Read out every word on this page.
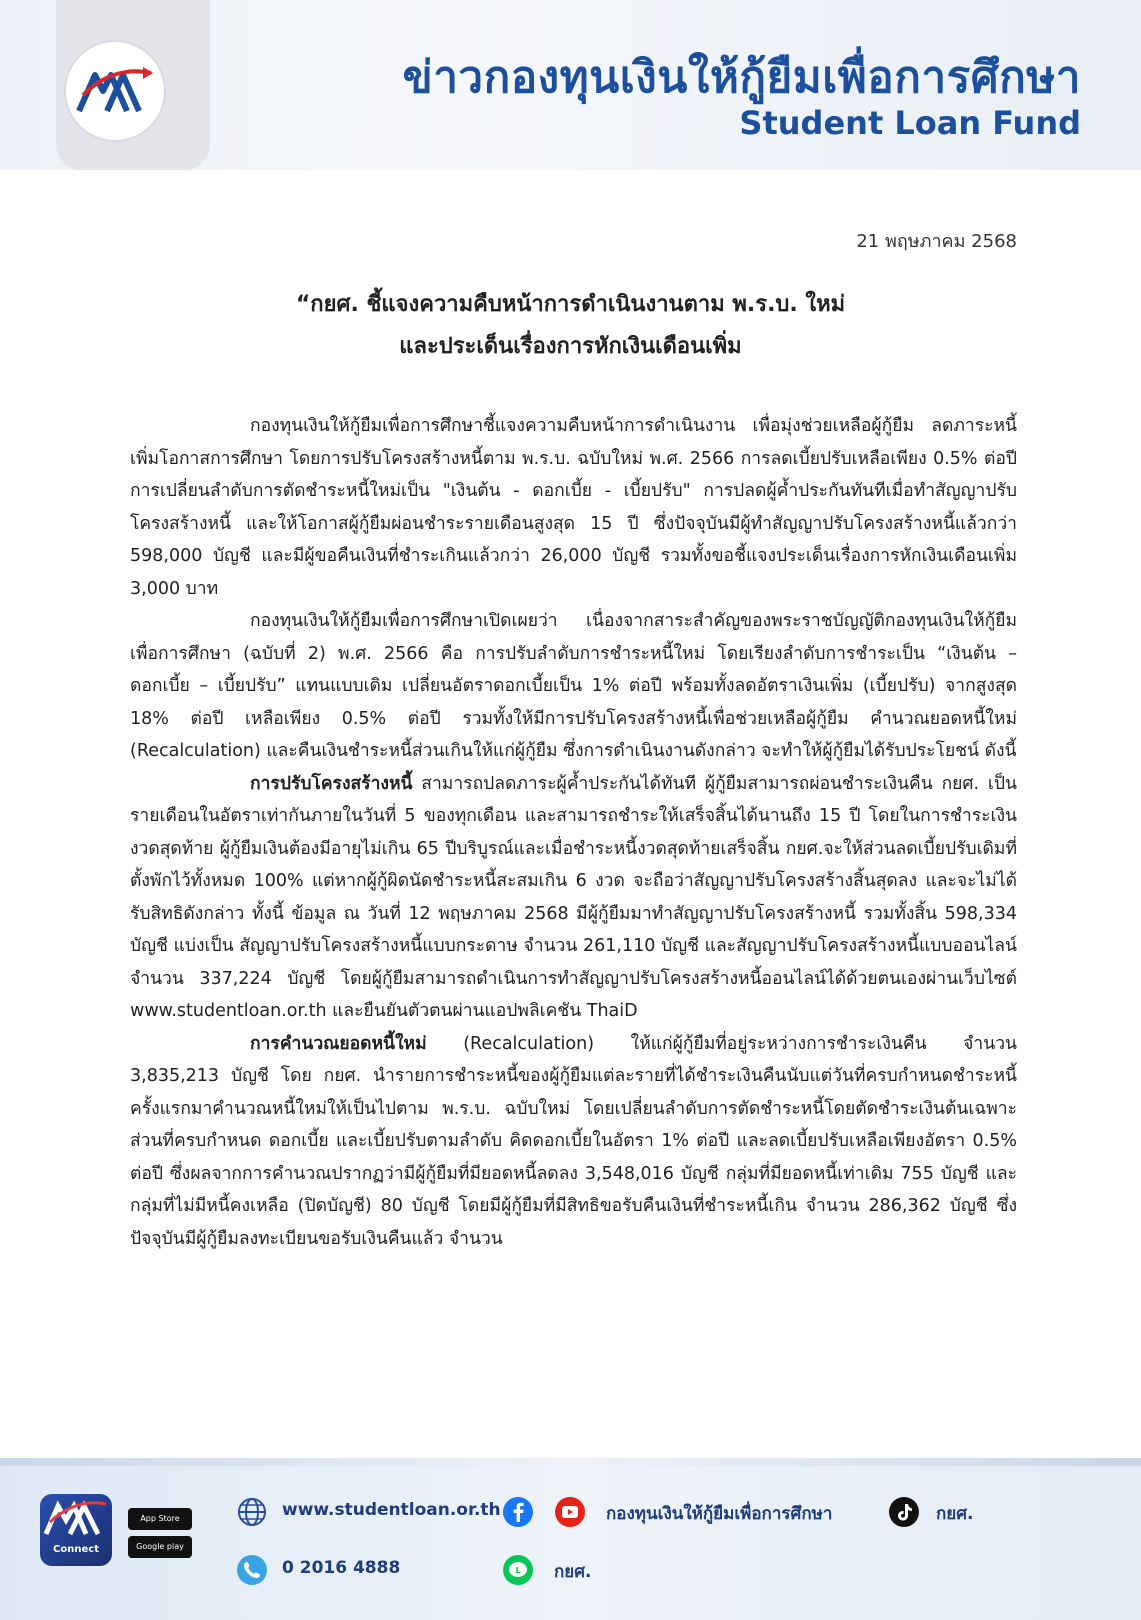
ข่าวกองทุนเงินให้กู้ยืมเพื่อการศึกษา
Student Loan Fund
21 พฤษภาคม 2568
“กยศ. ชี้แจงความคืบหน้าการดำเนินงานตาม พ.ร.บ. ใหม่
และประเด็นเรื่องการหักเงินเดือนเพิ่ม

กองทุนเงินให้กู้ยืมเพื่อการศึกษาชี้แจงความคืบหน้าการดำเนินงาน เพื่อมุ่งช่วยเหลือผู้กู้ยืม ลดภาระหนี้ เพิ่มโอกาสการศึกษา โดยการปรับโครงสร้างหนี้ตาม พ.ร.บ. ฉบับใหม่ พ.ศ. 2566 การลดเบี้ยปรับเหลือเพียง 0.5% ต่อปี การเปลี่ยนลำดับการตัดชำระหนี้ใหม่เป็น "เงินต้น - ดอกเบี้ย - เบี้ยปรับ" การปลดผู้ค้ำประกันทันทีเมื่อทำสัญญาปรับโครงสร้างหนี้ และให้โอกาสผู้กู้ยืมผ่อนชำระรายเดือนสูงสุด 15 ปี ซึ่งปัจจุบันมีผู้ทำสัญญาปรับโครงสร้างหนี้แล้วกว่า 598,000 บัญชี และมีผู้ขอคืนเงินที่ชำระเกินแล้วกว่า 26,000 บัญชี รวมทั้งขอชี้แจงประเด็นเรื่องการหักเงินเดือนเพิ่ม 3,000 บาท

กองทุนเงินให้กู้ยืมเพื่อการศึกษาเปิดเผยว่า เนื่องจากสาระสำคัญของพระราชบัญญัติกองทุนเงินให้กู้ยืมเพื่อการศึกษา (ฉบับที่ 2) พ.ศ. 2566 คือ การปรับลำดับการชำระหนี้ใหม่ โดยเรียงลำดับการชำระเป็น “เงินต้น – ดอกเบี้ย – เบี้ยปรับ” แทนแบบเดิม เปลี่ยนอัตราดอกเบี้ยเป็น 1% ต่อปี พร้อมทั้งลดอัตราเงินเพิ่ม (เบี้ยปรับ) จากสูงสุด 18% ต่อปี เหลือเพียง 0.5% ต่อปี รวมทั้งให้มีการปรับโครงสร้างหนี้เพื่อช่วยเหลือผู้กู้ยืม คำนวณยอดหนี้ใหม่ (Recalculation) และคืนเงินชำระหนี้ส่วนเกินให้แก่ผู้กู้ยืม ซึ่งการดำเนินงานดังกล่าว จะทำให้ผู้กู้ยืมได้รับประโยชน์ ดังนี้

การปรับโครงสร้างหนี้ สามารถปลดภาระผู้ค้ำประกันได้ทันที ผู้กู้ยืมสามารถผ่อนชำระเงินคืน กยศ. เป็นรายเดือนในอัตราเท่ากันภายในวันที่ 5 ของทุกเดือน และสามารถชำระให้เสร็จสิ้นได้นานถึง 15 ปี โดยในการชำระเงินงวดสุดท้าย ผู้กู้ยืมเงินต้องมีอายุไม่เกิน 65 ปีบริบูรณ์และเมื่อชำระหนี้งวดสุดท้ายเสร็จสิ้น กยศ.จะให้ส่วนลดเบี้ยปรับเดิมที่ตั้งพักไว้ทั้งหมด 100% แต่หากผู้กู้ผิดนัดชำระหนี้สะสมเกิน 6 งวด จะถือว่าสัญญาปรับโครงสร้างสิ้นสุดลง และจะไม่ได้รับสิทธิดังกล่าว ทั้งนี้ ข้อมูล ณ วันที่ 12 พฤษภาคม 2568 มีผู้กู้ยืมมาทำสัญญาปรับโครงสร้างหนี้ รวมทั้งสิ้น 598,334 บัญชี แบ่งเป็น สัญญาปรับโครงสร้างหนี้แบบกระดาษ จำนวน 261,110 บัญชี และสัญญาปรับโครงสร้างหนี้แบบออนไลน์ จำนวน 337,224 บัญชี โดยผู้กู้ยืมสามารถดำเนินการทำสัญญาปรับโครงสร้างหนี้ออนไลน์ได้ด้วยตนเองผ่านเว็บไซต์ www.studentloan.or.th และยืนยันตัวตนผ่านแอปพลิเคชัน ThaiD

การคำนวณยอดหนี้ใหม่ (Recalculation) ให้แก่ผู้กู้ยืมที่อยู่ระหว่างการชำระเงินคืน จำนวน 3,835,213 บัญชี โดย กยศ. นำรายการชำระหนี้ของผู้กู้ยืมแต่ละรายที่ได้ชำระเงินคืนนับแต่วันที่ครบกำหนดชำระหนี้ครั้งแรกมาคำนวณหนี้ใหม่ให้เป็นไปตาม พ.ร.บ. ฉบับใหม่ โดยเปลี่ยนลำดับการตัดชำระหนี้โดยตัดชำระเงินต้นเฉพาะส่วนที่ครบกำหนด ดอกเบี้ย และเบี้ยปรับตามลำดับ คิดดอกเบี้ยในอัตรา 1% ต่อปี และลดเบี้ยปรับเหลือเพียงอัตรา 0.5% ต่อปี ซึ่งผลจากการคำนวณปรากฏว่ามีผู้กู้ยืมที่มียอดหนี้ลดลง 3,548,016 บัญชี กลุ่มที่มียอดหนี้เท่าเดิม 755 บัญชี และกลุ่มที่ไม่มีหนี้คงเหลือ (ปิดบัญชี) 80 บัญชี โดยมีผู้กู้ยืมที่มีสิทธิขอรับคืนเงินที่ชำระหนี้เกิน จำนวน 286,362 บัญชี ซึ่งปัจจุบันมีผู้กู้ยืมลงทะเบียนขอรับเงินคืนแล้ว จำนวน

Connect
App Store
Google play
www.studentloan.or.th	กองทุนเงินให้กู้ยืมเพื่อการศึกษา	กยศ.
0 2016 4888	L กยศ.
